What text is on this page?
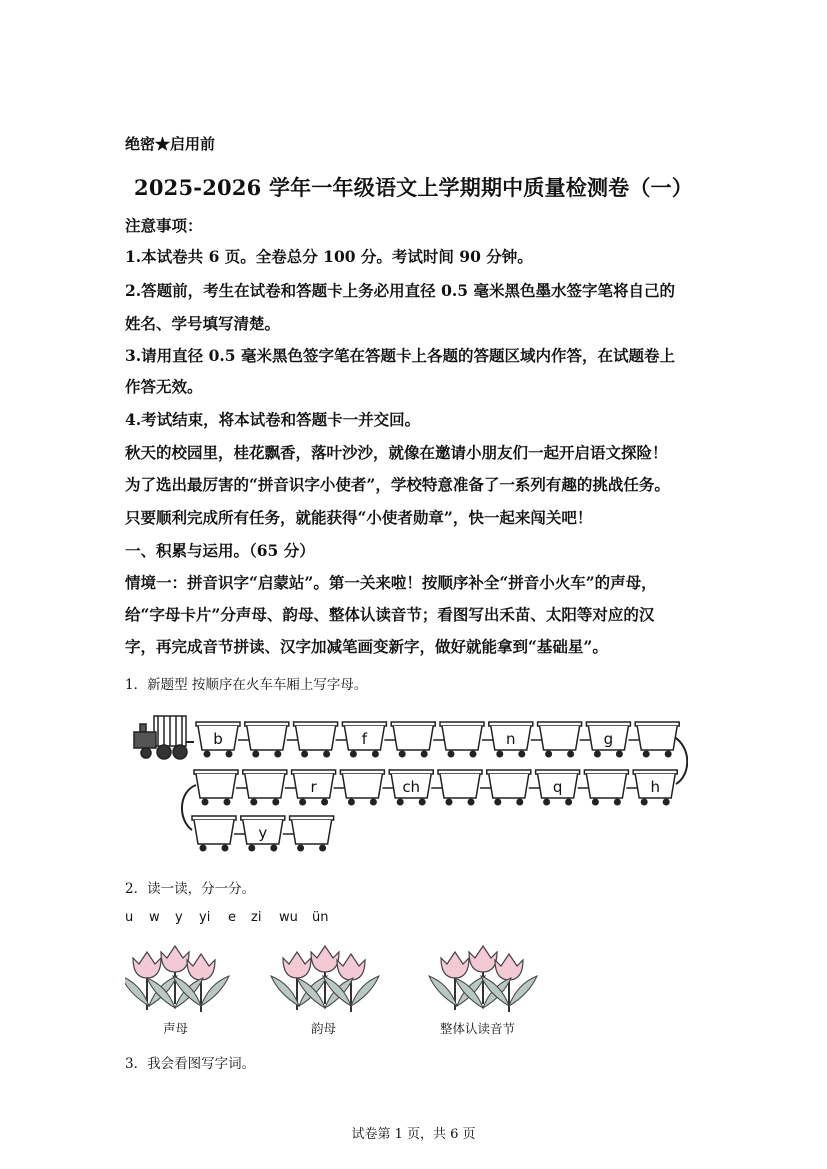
绝密★启用前
2025-2026 学年一年级语文上学期期中质量检测卷（一）
注意事项：
1.本试卷共 6 页。全卷总分 100 分。考试时间 90 分钟。
2.答题前，考生在试卷和答题卡上务必用直径 0.5 毫米黑色墨水签字笔将自己的
姓名、学号填写清楚。
3.请用直径 0.5 毫米黑色签字笔在答题卡上各题的答题区域内作答，在试题卷上
作答无效。
4.考试结束，将本试卷和答题卡一并交回。
秋天的校园里，桂花飘香，落叶沙沙，就像在邀请小朋友们一起开启语文探险！
为了选出最厉害的“拼音识字小使者”，学校特意准备了一系列有趣的挑战任务。
只要顺利完成所有任务，就能获得“小使者勋章”，快一起来闯关吧！
一、积累与运用。（65 分）
情境一：拼音识字“启蒙站”。第一关来啦！按顺序补全“拼音小火车”的声母，
给“字母卡片”分声母、韵母、整体认读音节；看图写出禾苗、太阳等对应的汉
字，再完成音节拼读、汉字加减笔画变新字，做好就能拿到“基础星”。
1．新题型 按顺序在火车车厢上写字母。
b	f	n	g
r	ch	q	h
y
2．读一读，分一分。
u w y yi e zi wu ün
声母	韵母	整体认读音节
3．我会看图写字词。
试卷第 1 页，共 6 页
